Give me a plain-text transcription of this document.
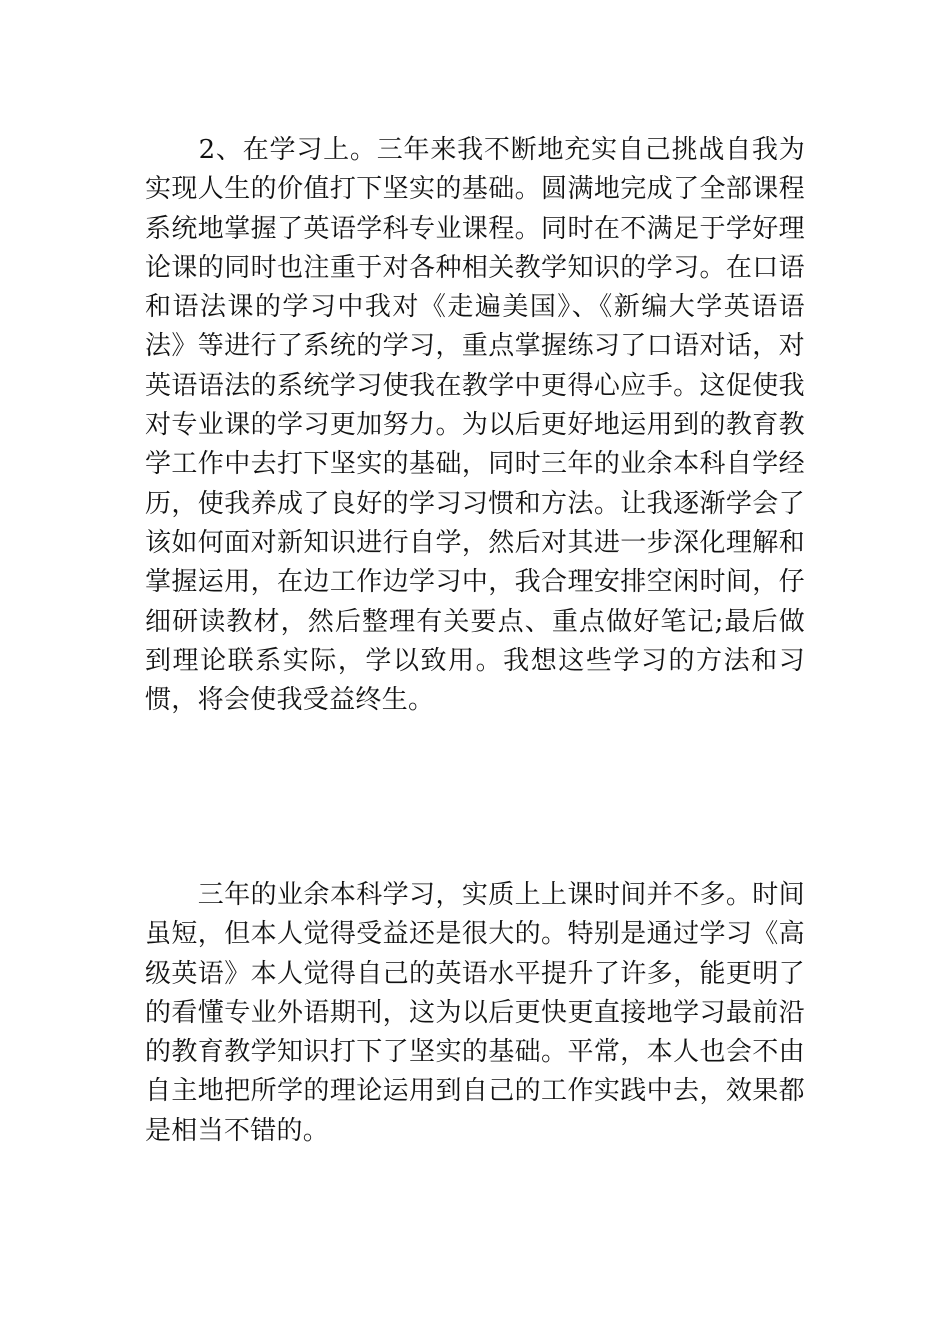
　　2、在学习上。三年来我不断地充实自己挑战自我为实现人生的价值打下坚实的基础。圆满地完成了全部课程系统地掌握了英语学科专业课程。同时在不满足于学好理论课的同时也注重于对各种相关教学知识的学习。在口语和语法课的学习中我对《走遍美国》、《新编大学英语语法》等进行了系统的学习，重点掌握练习了口语对话，对英语语法的系统学习使我在教学中更得心应手。这促使我对专业课的学习更加努力。为以后更好地运用到的教育教学工作中去打下坚实的基础，同时三年的业余本科自学经历，使我养成了良好的学习习惯和方法。让我逐渐学会了该如何面对新知识进行自学，然后对其进一步深化理解和掌握运用，在边工作边学习中，我合理安排空闲时间，仔细研读教材，然后整理有关要点、重点做好笔记;最后做到理论联系实际，学以致用。我想这些学习的方法和习惯，将会使我受益终生。

　　三年的业余本科学习，实质上上课时间并不多。时间虽短，但本人觉得受益还是很大的。特别是通过学习《高级英语》本人觉得自己的英语水平提升了许多，能更明了的看懂专业外语期刊，这为以后更快更直接地学习最前沿的教育教学知识打下了坚实的基础。平常，本人也会不由自主地把所学的理论运用到自己的工作实践中去，效果都是相当不错的。
